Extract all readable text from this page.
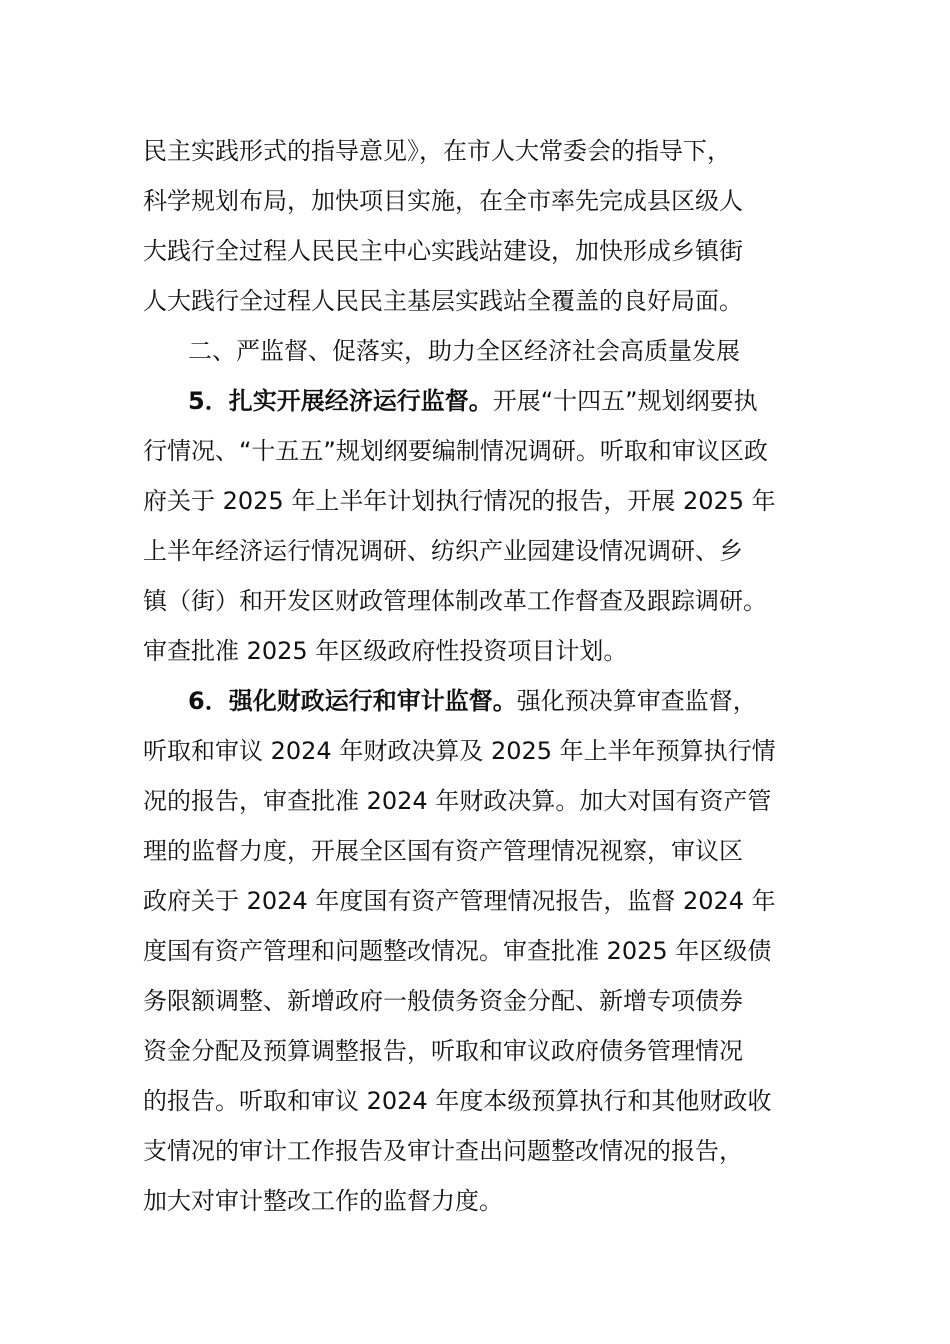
民主实践形式的指导意见》，在市人大常委会的指导下，
科学规划布局，加快项目实施，在全市率先完成县区级人
大践行全过程人民民主中心实践站建设，加快形成乡镇街
人大践行全过程人民民主基层实践站全覆盖的良好局面。
二、严监督、促落实，助力全区经济社会高质量发展
5．扎实开展经济运行监督。开展“十四五”规划纲要执
行情况、“十五五”规划纲要编制情况调研。听取和审议区政
府关于 2025 年上半年计划执行情况的报告，开展 2025 年
上半年经济运行情况调研、纺织产业园建设情况调研、乡
镇（街）和开发区财政管理体制改革工作督查及跟踪调研。
审查批准 2025 年区级政府性投资项目计划。
6．强化财政运行和审计监督。强化预决算审查监督，
听取和审议 2024 年财政决算及 2025 年上半年预算执行情
况的报告，审查批准 2024 年财政决算。加大对国有资产管
理的监督力度，开展全区国有资产管理情况视察，审议区
政府关于 2024 年度国有资产管理情况报告，监督 2024 年
度国有资产管理和问题整改情况。审查批准 2025 年区级债
务限额调整、新增政府一般债务资金分配、新增专项债券
资金分配及预算调整报告，听取和审议政府债务管理情况
的报告。听取和审议 2024 年度本级预算执行和其他财政收
支情况的审计工作报告及审计查出问题整改情况的报告，
加大对审计整改工作的监督力度。
